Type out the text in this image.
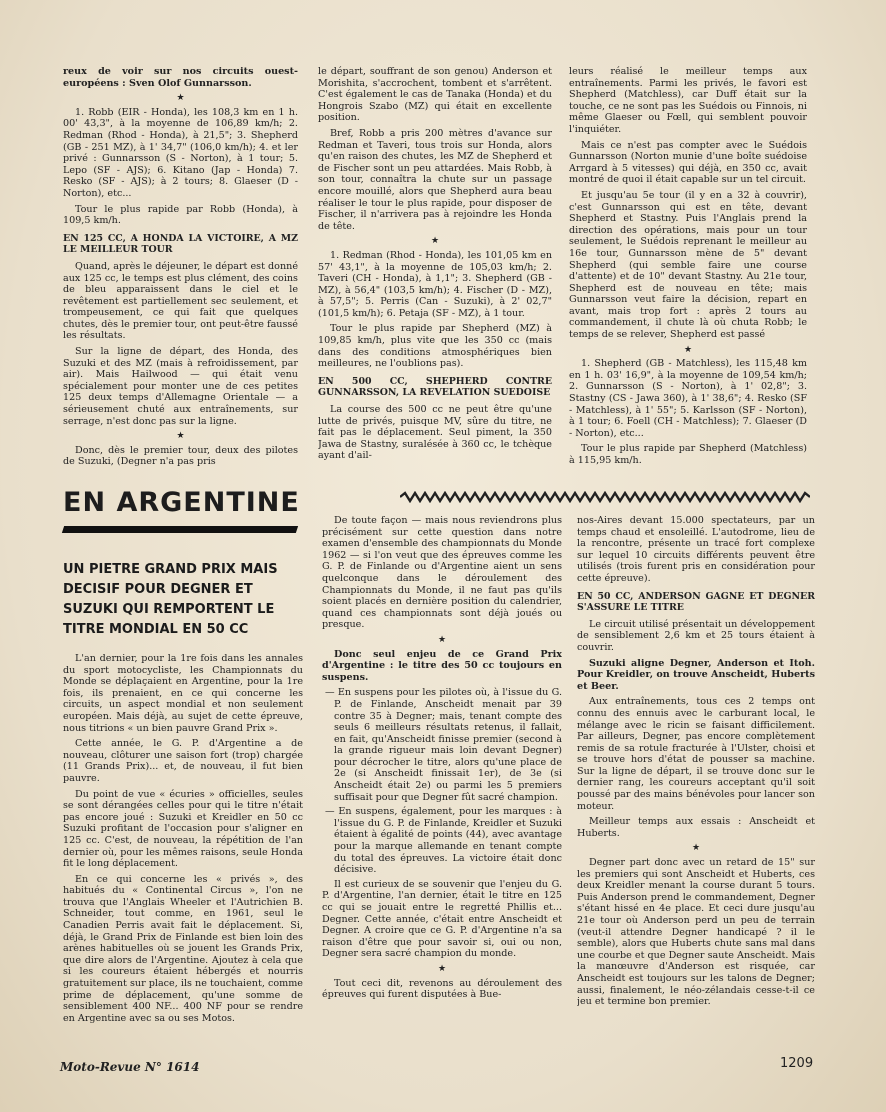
reux de voir sur nos circuits ouest-européens : Sven Olof Gunnarsson.

★

1. Robb (EIR - Honda), les 108,3 km en 1 h. 00' 43,3", à la moyenne de 106,89 km/h; 2. Redman (Rhod - Honda), à 21,5"; 3. Shepherd (GB - 251 MZ), à 1' 34,7" (106,0 km/h); 4. et ler privé : Gunnarsson (S - Norton), à 1 tour; 5. Lepo (SF - AJS); 6. Kitano (Jap - Honda) 7. Resko (SF - AJS); à 2 tours; 8. Glaeser (D - Norton), etc...

Tour le plus rapide par Robb (Honda), à 109,5 km/h.

EN 125 CC, A HONDA LA VICTOIRE, A MZ LE MEILLEUR TOUR

Quand, après le déjeuner, le départ est donné aux 125 cc, le temps est plus clément, des coins de bleu apparaissent dans le ciel et le revêtement est partiellement sec seulement, et trompeusement, ce qui fait que quelques chutes, dès le premier tour, ont peut-être faussé les résultats.

Sur la ligne de départ, des Honda, des Suzuki et des MZ (mais à refroidissement, par air). Mais Hailwood — qui était venu spécialement pour monter une de ces petites 125 deux temps d'Allemagne Orientale — a sérieusement chuté aux entraînements, sur serrage, n'est donc pas sur la ligne.

★

Donc, dès le premier tour, deux des pilotes de Suzuki, (Degner n'a pas pris

le départ, souffrant de son genou) Anderson et Morishita, s'accrochent, tombent et s'arrêtent. C'est également le cas de Tanaka (Honda) et du Hongrois Szabo (MZ) qui était en excellente position.

Bref, Robb a pris 200 mètres d'avance sur Redman et Taveri, tous trois sur Honda, alors qu'en raison des chutes, les MZ de Shepherd et de Fischer sont un peu attardées. Mais Robb, à son tour, connaîtra la chute sur un passage encore mouillé, alors que Shepherd aura beau réaliser le tour le plus rapide, pour disposer de Fischer, il n'arrivera pas à rejoindre les Honda de tête.

★

1. Redman (Rhod - Honda), les 101,05 km en 57' 43,1", à la moyenne de 105,03 km/h; 2. Taveri (CH - Honda), à 1,1"; 3. Shepherd (GB - MZ), à 56,4" (103,5 km/h); 4. Fischer (D - MZ), à 57,5"; 5. Perris (Can - Suzuki), à 2' 02,7" (101,5 km/h); 6. Petaja (SF - MZ), à 1 tour.

Tour le plus rapide par Shepherd (MZ) à 109,85 km/h, plus vite que les 350 cc (mais dans des conditions atmosphériques bien meilleures, ne l'oublions pas).

EN 500 CC, SHEPHERD CONTRE GUNNARSSON, LA REVELATION SUEDOISE

La course des 500 cc ne peut être qu'une lutte de privés, puisque MV, sûre du titre, ne fait pas le déplacement. Seul piment, la 350 Jawa de Stastny, suralésée à 360 cc, le tchèque ayant d'ail-

leurs réalisé le meilleur temps aux entraînements. Parmi les privés, le favori est Shepherd (Matchless), car Duff était sur la touche, ce ne sont pas les Suédois ou Finnois, ni même Glaeser ou Fœll, qui semblent pouvoir l'inquiéter.

Mais ce n'est pas compter avec le Suédois Gunnarsson (Norton munie d'une boîte suédoise Arrgard à 5 vitesses) qui déjà, en 350 cc, avait montré de quoi il était capable sur un tel circuit.

Et jusqu'au 5e tour (il y en a 32 à couvrir), c'est Gunnarsson qui est en tête, devant Shepherd et Stastny. Puis l'Anglais prend la direction des opérations, mais pour un tour seulement, le Suédois reprenant le meilleur au 16e tour, Gunnarsson mène de 5" devant Shepherd (qui semble faire une course d'attente) et de 10" devant Stastny. Au 21e tour, Shepherd est de nouveau en tête; mais Gunnarsson veut faire la décision, repart en avant, mais trop fort : après 2 tours au commandement, il chute là où chuta Robb; le temps de se relever, Shepherd est passé

★

1. Shepherd (GB - Matchless), les 115,48 km en 1 h. 03' 16,9", à la moyenne de 109,54 km/h; 2. Gunnarsson (S - Norton), à 1' 02,8"; 3. Stastny (CS - Jawa 360), à 1' 38,6"; 4. Resko (SF - Matchless), à 1' 55"; 5. Karlsson (SF - Norton), à 1 tour; 6. Foell (CH - Matchless); 7. Glaeser (D - Norton), etc...

Tour le plus rapide par Shepherd (Matchless) à 115,95 km/h.

EN ARGENTINE
UN PIETRE GRAND PRIX MAIS DECISIF POUR DEGNER ET SUZUKI QUI REMPORTENT LE TITRE MONDIAL EN 50 CC

L'an dernier, pour la 1re fois dans les annales du sport motocycliste, les Championnats du Monde se déplaçaient en Argentine, pour la 1re fois, ils prenaient, en ce qui concerne les circuits, un aspect mondial et non seulement européen. Mais déjà, au sujet de cette épreuve, nous titrions « un bien pauvre Grand Prix ».

Cette année, le G. P. d'Argentine a de nouveau, clôturer une saison fort (trop) chargée (11 Grands Prix)... et, de nouveau, il fut bien pauvre.

Du point de vue « écuries » officielles, seules se sont dérangées celles pour qui le titre n'était pas encore joué : Suzuki et Kreidler en 50 cc Suzuki profitant de l'occasion pour s'aligner en 125 cc. C'est, de nouveau, la répétition de l'an dernier où, pour les mêmes raisons, seule Honda fit le long déplacement.

En ce qui concerne les « privés », des habitués du « Continental Circus », l'on ne trouva que l'Anglais Wheeler et l'Autrichien B. Schneider, tout comme, en 1961, seul le Canadien Perris avait fait le déplacement. Si, déjà, le Grand Prix de Finlande est bien loin des arènes habituelles où se jouent les Grands Prix, que dire alors de l'Argentine. Ajoutez à cela que si les coureurs étaient hébergés et nourris gratuitement sur place, ils ne touchaient, comme prime de déplacement, qu'une somme de sensiblement 400 NF... 400 NF pour se rendre en Argentine avec sa ou ses Motos.

De toute façon — mais nous reviendrons plus précisément sur cette question dans notre examen d'ensemble des championnats du Monde 1962 — si l'on veut que des épreuves comme les G. P. de Finlande ou d'Argentine aient un sens quelconque dans le déroulement des Championnats du Monde, il ne faut pas qu'ils soient placés en dernière position du calendrier, quand ces championnats sont déjà joués ou presque.

★

Donc seul enjeu de ce Grand Prix d'Argentine : le titre des 50 cc toujours en suspens.

— En suspens pour les pilotes où, à l'issue du G. P. de Finlande, Anscheidt menait par 39 contre 35 à Degner; mais, tenant compte des seuls 6 meilleurs résultats retenus, il fallait, en fait, qu'Anscheidt finisse premier (second à la grande rigueur mais loin devant Degner) pour décrocher le titre, alors qu'une place de 2e (si Anscheidt finissait 1er), de 3e (si Anscheidt était 2e) ou parmi les 5 premiers suffisait pour que Degner fût sacré champion.

— En suspens, également, pour les marques : à l'issue du G. P. de Finlande, Kreidler et Suzuki étaient à égalité de points (44), avec avantage pour la marque allemande en tenant compte du total des épreuves. La victoire était donc décisive.

Il est curieux de se souvenir que l'enjeu du G. P. d'Argentine, l'an dernier, était le titre en 125 cc qui se jouait entre le regretté Phillis et... Degner. Cette année, c'était entre Anscheidt et Degner. A croire que ce G. P. d'Argentine n'a sa raison d'être que pour savoir si, oui ou non, Degner sera sacré champion du monde.

★

Tout ceci dit, revenons au déroulement des épreuves qui furent disputées à Bue-

nos-Aires devant 15.000 spectateurs, par un temps chaud et ensoleillé. L'autodrome, lieu de la rencontre, présente un tracé fort complexe sur lequel 10 circuits différents peuvent être utilisés (trois furent pris en considération pour cette épreuve).

EN 50 CC, ANDERSON GAGNE ET DEGNER S'ASSURE LE TITRE

Le circuit utilisé présentait un développement de sensiblement 2,6 km et 25 tours étaient à couvrir.

Suzuki aligne Degner, Anderson et Itoh. Pour Kreidler, on trouve Anscheidt, Huberts et Beer.

Aux entraînements, tous ces 2 temps ont connu des ennuis avec le carburant local, le mélange avec le ricin se faisant difficilement. Par ailleurs, Degner, pas encore complètement remis de sa rotule fracturée à l'Ulster, choisi et se trouve hors d'état de pousser sa machine. Sur la ligne de départ, il se trouve donc sur le dernier rang, les coureurs acceptant qu'il soit poussé par des mains bénévoles pour lancer son moteur.

Meilleur temps aux essais : Anscheidt et Huberts.

★

Degner part donc avec un retard de 15" sur les premiers qui sont Anscheidt et Huberts, ces deux Kreidler menant la course durant 5 tours. Puis Anderson prend le commandement, Degner s'étant hissé en 4e place. Et ceci dure jusqu'au 21e tour où Anderson perd un peu de terrain (veut-il attendre Degner handicapé ? il le semble), alors que Huberts chute sans mal dans une courbe et que Degner saute Anscheidt. Mais la manœuvre d'Anderson est risquée, car Anscheidt est toujours sur les talons de Degner; aussi, finalement, le néo-zélandais cesse-t-il ce jeu et termine bon premier.

Moto-Revue N° 1614	1209
